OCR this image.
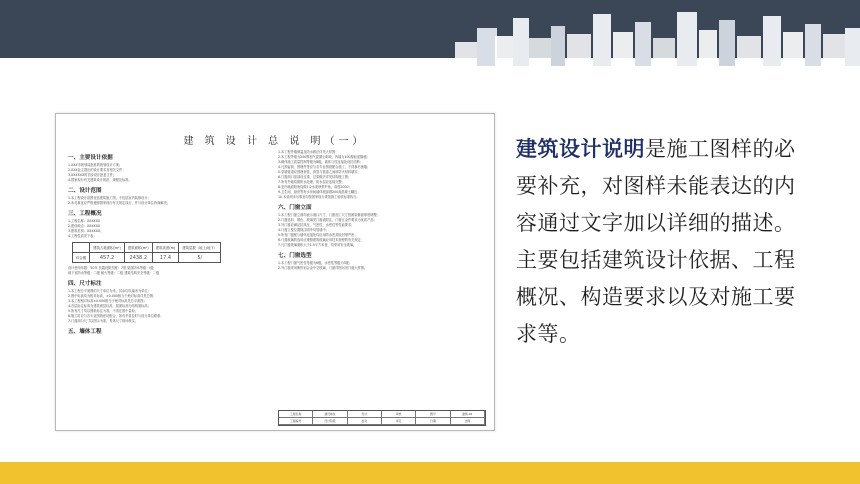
建 筑 设 计 总 说 明（一）
一、主要设计依据
1.XXX市规划局批准的规划设计方案；
2.XXX业主提出的设计要求及相关文件；
3.XXXXXX的初步设计批复文件；
4.国家现行有关建筑设计规范、规程及标准。
二、设计范围
1.本工程设计范围包括建筑施工图，不包括室内装修设计；
2.未尽事宜应严格遵照国家现行有关规定执行，并与设计单位协商解决。
三、工程概况
1.工程名称：XXXXXX
2.建设地点：XXXXXX
3.建筑类别：XXXXXX。
4.工程性质见下表：
	建筑占地面积(m²)	建筑面积(m²)	建筑高度(m)	建筑层数（地上/地下）
综合楼	457.2	2438.2	17.4	5/
设计使用年限：50年 抗震设防烈度：7度 屋面防水等级：I级
地下室防水等级：二级 耐火等级：二级 建筑结构安全等级：二级
四、尺寸标注
1.本工程总平面图的尺寸单位为米，其余均以毫米为单位；
2.图中标高均为相对标高，±0.000相当于绝对标高详见总图；
3.本工程相对标高±0.000相当于绝对标高见总平面图；
4.各层标注标高为建筑面层标高，屋面标高为结构面标高；
5.所有尺寸均以图纸标注为准，不得在图中量取；
6.施工时应与各专业图纸密切配合，如有矛盾及时与设计单位联系；
7.门窗洞口尺寸以图示为准，具体尺寸现场核实。
五、墙体工程
1.本工程外墙保温及防水做法详见大样图；
2.本工程外墙为200厚加气混凝土砌块，内墙为100厚轻质隔墙；
3.砌体施工质量控制等级为B级，墙体与柱连接处设拉结筋；
4.凡预留洞、预埋件等应与各专业图纸配合施工，不得事后凿墙；
5.穿墙管道应预埋套管，套管与管道之间用防火材料填实；
6.门窗洞口顶部设过梁，过梁做法详见结构施工图；
7.所有外墙均做防水处理，防水层应连续完整；
8.室内墙面阳角均做1:2水泥砂浆护角，高度2000；
9.卫生间、厨房等有水房间墙体根部做200高混凝土翻边；
10.本说明未尽事宜均按国家现行规范施工验收标准执行。
六、门窗立面
1.本工程门窗立面均表示洞口尺寸，门窗加工尺寸按照装修面厚度调整；
2.门窗选料、颜色、玻璃见门窗表附注，门窗五金件要求为优质产品；
3.外门窗应满足抗风压、气密性、水密性等性能要求；
4.门窗立樘位置除注明外均居墙中；
5.所有门窗框与墙体连接处均应用防水密封胶封堵严密；
6.门窗玻璃的选用应遵照建筑玻璃应用技术规程的有关规定；
7.凡门窗玻璃面积大于1.5平方米者，均采用安全玻璃。
七、门窗选型
1.本工程门窗气密性等级为6级，水密性等级为3级；
2.外门窗采用断热铝合金中空玻璃，门窗详图另见门窗大样图。
工程名称	建设单位	设计	审核	图号	建施-01
工程编号	设计阶段	校对	审定	日期	比例
建筑设计说明是施工图样的必要补充，对图样未能表达的内容通过文字加以详细的描述。主要包括建筑设计依据、工程概况、构造要求以及对施工要求等。
